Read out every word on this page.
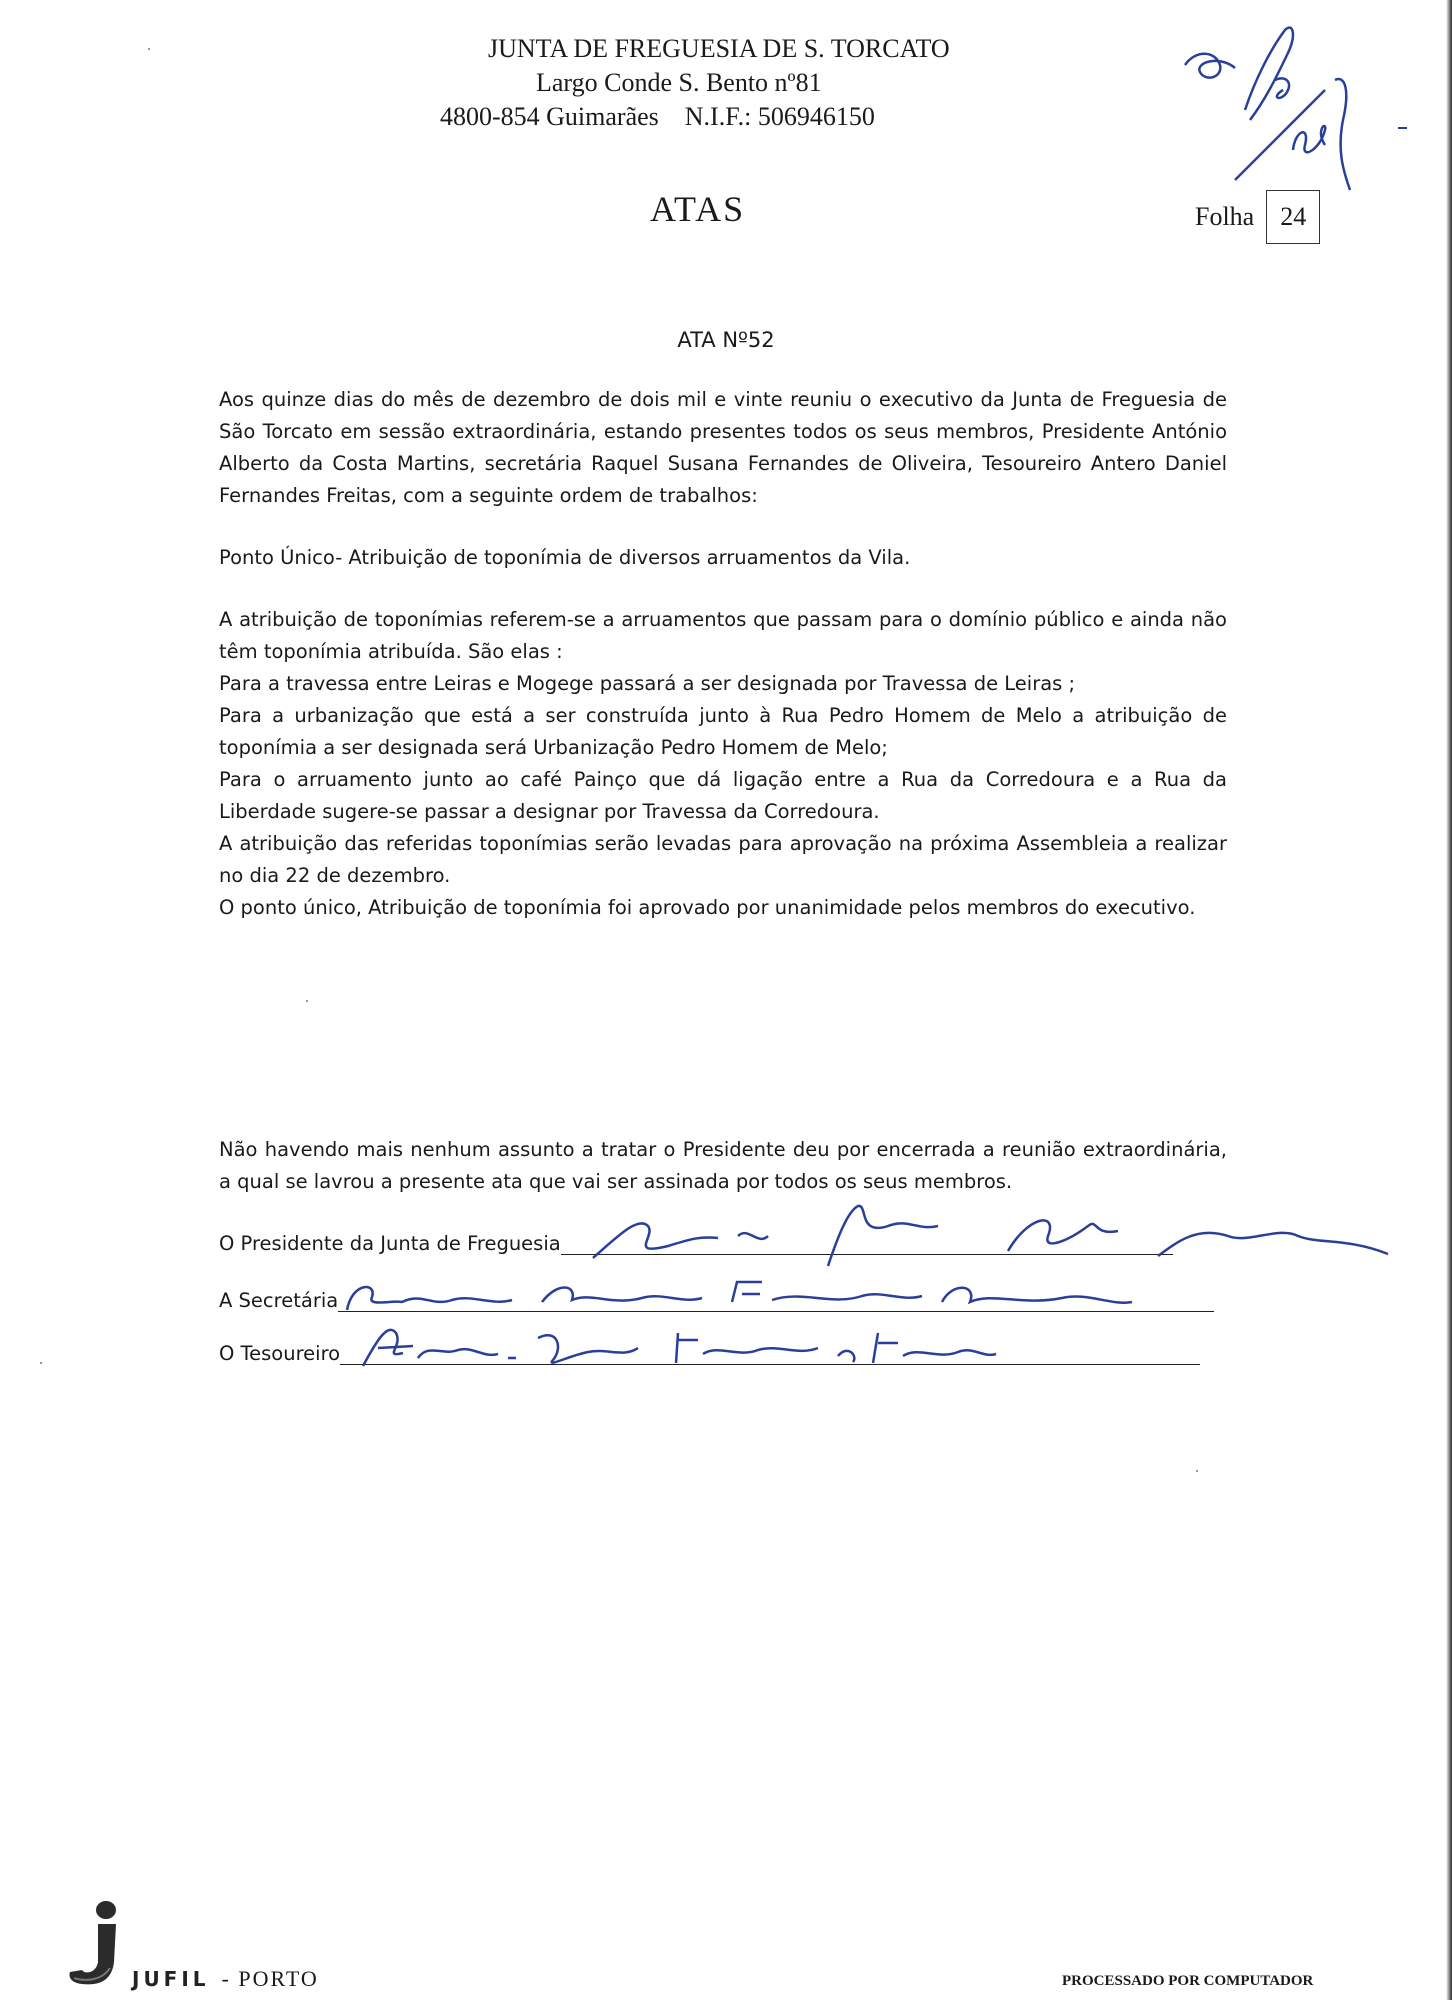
JUNTA DE FREGUESIA DE S. TORCATO
Largo Conde S. Bento nº81
4800-854 Guimarães    N.I.F.: 506946150
ATAS	Folha	24
ATA Nº52

Aos quinze dias do mês de dezembro de dois mil e vinte reuniu o executivo da Junta de Freguesia de São Torcato em sessão extraordinária, estando presentes todos os seus membros, Presidente António Alberto da Costa Martins, secretária Raquel Susana Fernandes de Oliveira, Tesoureiro Antero Daniel Fernandes Freitas, com a seguinte ordem de trabalhos:

Ponto Único- Atribuição de toponímia de diversos arruamentos da Vila.

A atribuição de toponímias referem-se a arruamentos que passam para o domínio público e ainda não têm toponímia atribuída. São elas :

Para a travessa entre Leiras e Mogege passará a ser designada por Travessa de Leiras ;

Para a urbanização que está a ser construída junto à Rua Pedro Homem de Melo a atribuição de toponímia a ser designada será Urbanização Pedro Homem de Melo;

Para o arruamento junto ao café Painço que dá ligação entre a Rua da Corredoura e a Rua da Liberdade sugere-se passar a designar por Travessa da Corredoura.

A atribuição das referidas toponímias serão levadas para aprovação na próxima Assembleia a realizar no dia 22 de dezembro.

O ponto único, Atribuição de toponímia foi aprovado por unanimidade pelos membros do executivo.

Não havendo mais nenhum assunto a tratar o Presidente deu por encerrada a reunião extraordinária, a qual se lavrou a presente ata que vai ser assinada por todos os seus membros.

O Presidente da Junta de Freguesia
A Secretária
O Tesoureiro
JUFIL - PORTO	PROCESSADO POR COMPUTADOR
